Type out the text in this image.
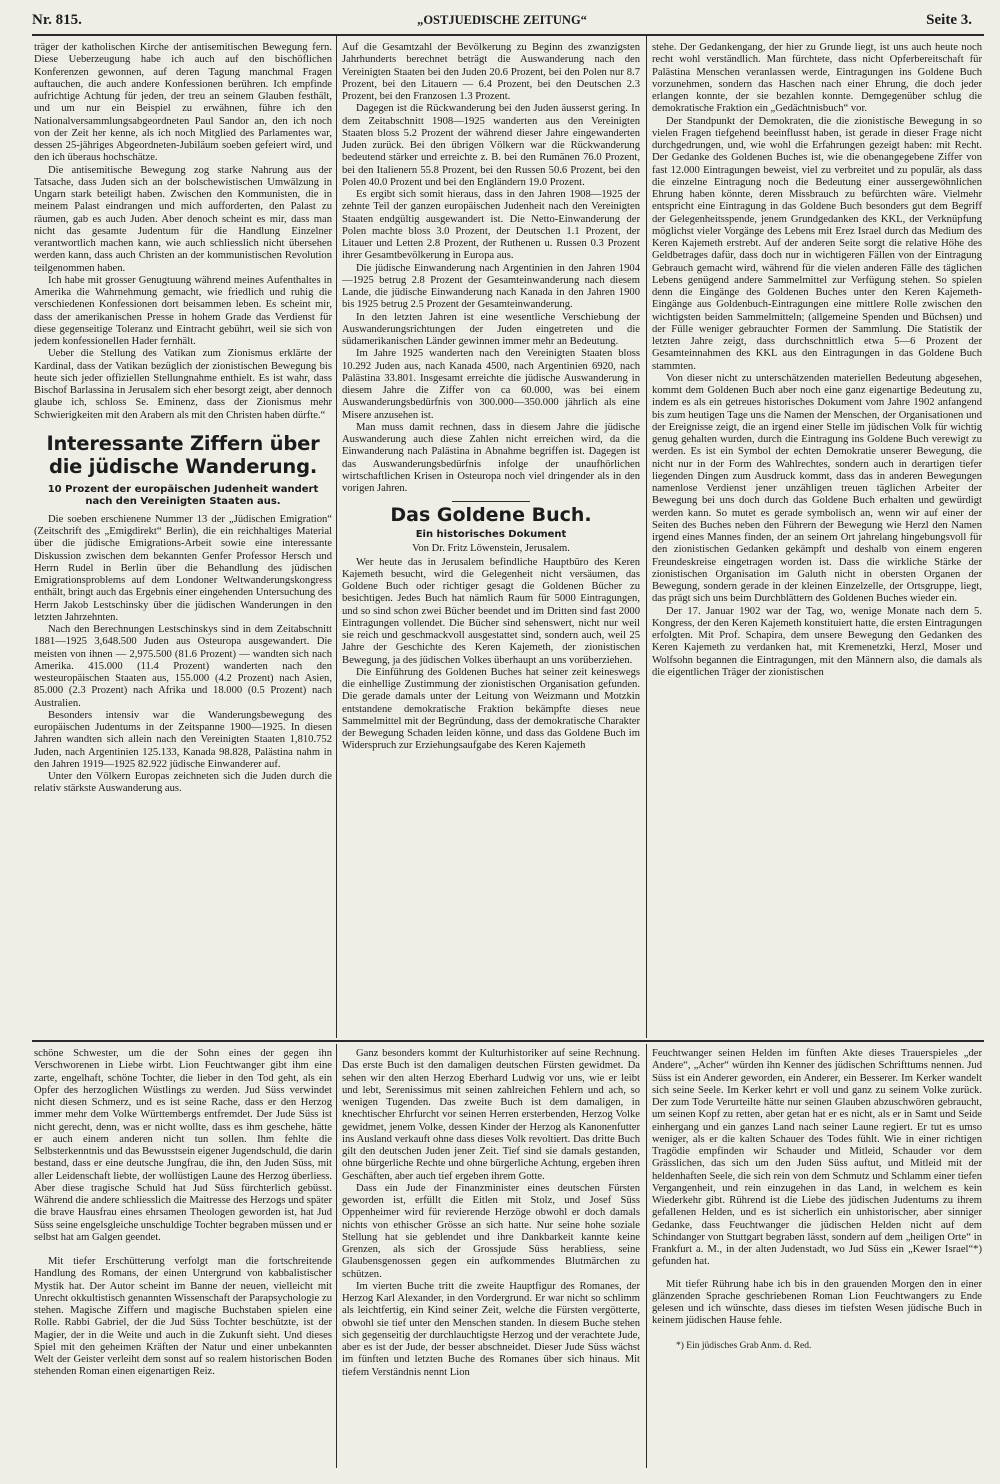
Nr. 815.	„OSTJUEDISCHE ZEITUNG“	Seite 3.

träger der katholischen Kirche der antisemitischen Bewegung fern. Diese Ueberzeugung habe ich auch auf den bischöflichen Konferenzen gewonnen, auf deren Tagung manchmal Fragen auftauchen, die auch andere Konfessionen berühren. Ich empfinde aufrichtige Achtung für jeden, der treu an seinem Glauben festhält, und um nur ein Beispiel zu erwähnen, führe ich den Nationalversammlungsabgeordneten Paul Sandor an, den ich noch von der Zeit her kenne, als ich noch Mitglied des Parlamentes war, dessen 25-jähriges Abgeordneten-Jubiläum soeben gefeiert wird, und den ich überaus hochschätze.

Die antisemitische Bewegung zog starke Nahrung aus der Tatsache, dass Juden sich an der bolschewistischen Umwälzung in Ungarn stark beteiligt haben. Zwischen den Kommunisten, die in meinem Palast eindrangen und mich aufforderten, den Palast zu räumen, gab es auch Juden. Aber denoch scheint es mir, dass man nicht das gesamte Judentum für die Handlung Einzelner verantwortlich machen kann, wie auch schliesslich nicht übersehen werden kann, dass auch Christen an der kommunistischen Revolution teilgenommen haben.

Ich habe mit grosser Genugtuung während meines Aufenthaltes in Amerika die Wahrnehmung gemacht, wie friedlich und ruhig die verschiedenen Konfessionen dort beisammen leben. Es scheint mir, dass der amerikanischen Presse in hohem Grade das Verdienst für diese gegenseitige Toleranz und Eintracht gebührt, weil sie sich von jedem konfessionellen Hader fernhält.

Ueber die Stellung des Vatikan zum Zionismus erklärte der Kardinal, dass der Vatikan bezüglich der zionistischen Bewegung bis heute sich jeder offiziellen Stellungnahme enthielt. Es ist wahr, dass Bischof Barlassina in Jerusalem sich eher besorgt zeigt, aber dennoch glaube ich, schloss Se. Eminenz, dass der Zionismus mehr Schwierigkeiten mit den Arabern als mit den Christen haben dürfte.“

Interessante Ziffern über die jüdische Wanderung.
10 Prozent der europäischen Judenheit wandert nach den Vereinigten Staaten aus.

Die soeben erschienene Nummer 13 der „Jüdischen Emigration“ (Zeitschrift des „Emigdirekt“ Berlin), die ein reichhaltiges Material über die jüdische Emigrations-Arbeit sowie eine interessante Diskussion zwischen dem bekannten Genfer Professor Hersch und Herrn Rudel in Berlin über die Behandlung des jüdischen Emigrationsproblems auf dem Londoner Weltwanderungskongress enthält, bringt auch das Ergebnis einer eingehenden Untersuchung des Herrn Jakob Lestschinsky über die jüdischen Wanderungen in den letzten Jahrzehnten.

Nach den Berechnungen Lestschinskys sind in dem Zeitabschnitt 1881—1925 3,648.500 Juden aus Osteuropa ausgewandert. Die meisten von ihnen — 2,975.500 (81.6 Prozent) — wandten sich nach Amerika. 415.000 (11.4 Prozent) wanderten nach den westeuropäischen Staaten aus, 155.000 (4.2 Prozent) nach Asien, 85.000 (2.3 Prozent) nach Afrika und 18.000 (0.5 Prozent) nach Australien.

Besonders intensiv war die Wanderungsbewegung des europäischen Judentums in der Zeitspanne 1900—1925. In diesen Jahren wandten sich allein nach den Vereinigten Staaten 1,810.752 Juden, nach Argentinien 125.133, Kanada 98.828, Palästina nahm in den Jahren 1919—1925 82.922 jüdische Einwanderer auf.

Unter den Völkern Europas zeichneten sich die Juden durch die relativ stärkste Auswanderung aus.

Auf die Gesamtzahl der Bevölkerung zu Beginn des zwanzigsten Jahrhunderts berechnet beträgt die Auswanderung nach den Vereinigten Staaten bei den Juden 20.6 Prozent, bei den Polen nur 8.7 Prozent, bei den Litauern — 6.4 Prozent, bei den Deutschen 2.3 Prozent, bei den Franzosen 1.3 Prozent.

Dagegen ist die Rückwanderung bei den Juden äusserst gering. In dem Zeitabschnitt 1908—1925 wanderten aus den Vereinigten Staaten bloss 5.2 Prozent der während dieser Jahre eingewanderten Juden zurück. Bei den übrigen Völkern war die Rückwanderung bedeutend stärker und erreichte z. B. bei den Rumänen 76.0 Prozent, bei den Italienern 55.8 Prozent, bei den Russen 50.6 Prozent, bei den Polen 40.0 Prozent und bei den Engländern 19.0 Prozent.

Es ergibt sich somit hieraus, dass in den Jahren 1908—1925 der zehnte Teil der ganzen europäischen Judenheit nach den Vereinigten Staaten endgültig ausgewandert ist. Die Netto-Einwanderung der Polen machte bloss 3.0 Prozent, der Deutschen 1.1 Prozent, der Litauer und Letten 2.8 Prozent, der Ruthenen u. Russen 0.3 Prozent ihrer Gesamtbevölkerung in Europa aus.

Die jüdische Einwanderung nach Argentinien in den Jahren 1904—1925 betrug 2.8 Prozent der Gesamteinwanderung nach diesem Lande, die jüdische Einwanderung nach Kanada in den Jahren 1900 bis 1925 betrug 2.5 Prozent der Gesamteinwanderung.

In den letzten Jahren ist eine wesentliche Verschiebung der Auswanderungsrichtungen der Juden eingetreten und die südamerikanischen Länder gewinnen immer mehr an Bedeutung.

Im Jahre 1925 wanderten nach den Vereinigten Staaten bloss 10.292 Juden aus, nach Kanada 4500, nach Argentinien 6920, nach Palästina 33.801. Insgesamt erreichte die jüdische Auswanderung in diesem Jahre die Ziffer von ca 60.000, was bei einem Auswanderungsbedürfnis von 300.000—350.000 jährlich als eine Misere anzusehen ist.

Man muss damit rechnen, dass in diesem Jahre die jüdische Auswanderung auch diese Zahlen nicht erreichen wird, da die Einwanderung nach Palästina in Abnahme begriffen ist. Dagegen ist das Auswanderungsbedürfnis infolge der unaufhörlichen wirtschaftlichen Krisen in Osteuropa noch viel dringender als in den vorigen Jahren.

Das Goldene Buch.
Ein historisches Dokument
Von Dr. Fritz Löwenstein, Jerusalem.

Wer heute das in Jerusalem befindliche Hauptbüro des Keren Kajemeth besucht, wird die Gelegenheit nicht versäumen, das Goldene Buch oder richtiger gesagt die Goldenen Bücher zu besichtigen. Jedes Buch hat nämlich Raum für 5000 Eintragungen, und so sind schon zwei Bücher beendet und im Dritten sind fast 2000 Eintragungen vollendet. Die Bücher sind sehenswert, nicht nur weil sie reich und geschmackvoll ausgestattet sind, sondern auch, weil 25 Jahre der Geschichte des Keren Kajemeth, der zionistischen Bewegung, ja des jüdischen Volkes überhaupt an uns vorüberziehen.

Die Einführung des Goldenen Buches hat seiner zeit keineswegs die einhellige Zustimmung der zionistischen Organisation gefunden. Die gerade damals unter der Leitung von Weizmann und Motzkin entstandene demokratische Fraktion bekämpfte dieses neue Sammelmittel mit der Begründung, dass der demokratische Charakter der Bewegung Schaden leiden könne, und dass das Goldene Buch im Widerspruch zur Erziehungsaufgabe des Keren Kajemeth

stehe. Der Gedankengang, der hier zu Grunde liegt, ist uns auch heute noch recht wohl verständlich. Man fürchtete, dass nicht Opferbereitschaft für Palästina Menschen veranlassen werde, Eintragungen ins Goldene Buch vorzunehmen, sondern das Haschen nach einer Ehrung, die doch jeder erlangen konnte, der sie bezahlen konnte. Demgegenüber schlug die demokratische Fraktion ein „Gedächtnisbuch“ vor.

Der Standpunkt der Demokraten, die die zionistische Bewegung in so vielen Fragen tiefgehend beeinflusst haben, ist gerade in dieser Frage nicht durchgedrungen, und, wie wohl die Erfahrungen gezeigt haben: mit Recht. Der Gedanke des Goldenen Buches ist, wie die obenangegebene Ziffer von fast 12.000 Eintragungen beweist, viel zu verbreitet und zu populär, als dass die einzelne Eintragung noch die Bedeutung einer aussergewöhnlichen Ehrung haben könnte, deren Missbrauch zu befürchten wäre. Vielmehr entspricht eine Eintragung in das Goldene Buch besonders gut dem Begriff der Gelegenheitsspende, jenem Grundgedanken des KKL, der Verknüpfung möglichst vieler Vorgänge des Lebens mit Erez Israel durch das Medium des Keren Kajemeth erstrebt. Auf der anderen Seite sorgt die relative Höhe des Geldbetrages dafür, dass doch nur in wichtigeren Fällen von der Eintragung Gebrauch gemacht wird, während für die vielen anderen Fälle des täglichen Lebens genügend andere Sammelmittel zur Verfügung stehen. So spielen denn die Eingänge des Goldenen Buches unter den Keren Kajemeth-Eingänge aus Goldenbuch-Eintragungen eine mittlere Rolle zwischen den wichtigsten beiden Sammelmitteln; (allgemeine Spenden und Büchsen) und der Fülle weniger gebrauchter Formen der Sammlung. Die Statistik der letzten Jahre zeigt, dass durchschnittlich etwa 5—6 Prozent der Gesamteinnahmen des KKL aus den Eintragungen in das Goldene Buch stammten.

Von dieser nicht zu unterschätzenden materiellen Bedeutung abgesehen, kommt dem Goldenen Buch aber noch eine ganz eigenartige Bedeutung zu, indem es als ein getreues historisches Dokument vom Jahre 1902 anfangend bis zum heutigen Tage uns die Namen der Menschen, der Organisationen und der Ereignisse zeigt, die an irgend einer Stelle im jüdischen Volk für wichtig genug gehalten wurden, durch die Eintragung ins Goldene Buch verewigt zu werden. Es ist ein Symbol der echten Demokratie unserer Bewegung, die nicht nur in der Form des Wahlrechtes, sondern auch in derartigen tiefer liegenden Dingen zum Ausdruck kommt, dass das in anderen Bewegungen namenlose Verdienst jener unzähligen treuen täglichen Arbeiter der Bewegung bei uns doch durch das Goldene Buch erhalten und gewürdigt werden kann. So mutet es gerade symbolisch an, wenn wir auf einer der Seiten des Buches neben den Führern der Bewegung wie Herzl den Namen irgend eines Mannes finden, der an seinem Ort jahrelang hingebungsvoll für den zionistischen Gedanken gekämpft und deshalb von einem engeren Freundeskreise eingetragen worden ist. Dass die wirkliche Stärke der zionistischen Organisation im Galuth nicht in obersten Organen der Bewegung, sondern gerade in der kleinen Einzelzelle, der Ortsgruppe, liegt, das prägt sich uns beim Durchblättern des Goldenen Buches wieder ein.

Der 17. Januar 1902 war der Tag, wo, wenige Monate nach dem 5. Kongress, der den Keren Kajemeth konstituiert hatte, die ersten Eintragungen erfolgten. Mit Prof. Schapira, dem unsere Bewegung den Gedanken des Keren Kajemeth zu verdanken hat, mit Kremenetzki, Herzl, Moser und Wolfsohn begannen die Eintragungen, mit den Männern also, die damals als die eigentlichen Träger der zionistischen

schöne Schwester, um die der Sohn eines der gegen ihn Verschworenen in Liebe wirbt. Lion Feuchtwanger gibt ihm eine zarte, engelhaft, schöne Tochter, die lieber in den Tod geht, als ein Opfer des herzoglichen Wüstlings zu werden. Jud Süss verwindet nicht diesen Schmerz, und es ist seine Rache, dass er den Herzog immer mehr dem Volke Württembergs entfremdet. Der Jude Süss ist nicht gerecht, denn, was er nicht wollte, dass es ihm geschehe, hätte er auch einem anderen nicht tun sollen. Ihm fehlte die Selbsterkenntnis und das Bewusstsein eigener Jugendschuld, die darin bestand, dass er eine deutsche Jungfrau, die ihn, den Juden Süss, mit aller Leidenschaft liebte, der wollüstigen Laune des Herzog überliess. Aber diese tragische Schuld hat Jud Süss fürchterlich gebüsst. Während die andere schliesslich die Maitresse des Herzogs und später die brave Hausfrau eines ehrsamen Theologen geworden ist, hat Jud Süss seine engelsgleiche unschuldige Tochter begraben müssen und er selbst hat am Galgen geendet.

Mit tiefer Erschütterung verfolgt man die fortschreitende Handlung des Romans, der einen Untergrund von kabbalistischer Mystik hat. Der Autor scheint im Banne der neuen, vielleicht mit Unrecht okkultistisch genannten Wissenschaft der Parapsychologie zu stehen. Magische Ziffern und magische Buchstaben spielen eine Rolle. Rabbi Gabriel, der die Jud Süss Tochter beschützte, ist der Magier, der in die Weite und auch in die Zukunft sieht. Und dieses Spiel mit den geheimen Kräften der Natur und einer unbekannten Welt der Geister verleiht dem sonst auf so realem historischen Boden stehenden Roman einen eigenartigen Reiz.

Ganz besonders kommt der Kulturhistoriker auf seine Rechnung. Das erste Buch ist den damaligen deutschen Fürsten gewidmet. Da sehen wir den alten Herzog Eberhard Ludwig vor uns, wie er leibt und lebt, Serenissimus mit seinen zahlreichen Fehlern und ach, so wenigen Tugenden. Das zweite Buch ist dem damaligen, in knechtischer Ehrfurcht vor seinen Herren ersterbenden, Herzog Volke gewidmet, jenem Volke, dessen Kinder der Herzog als Kanonenfutter ins Ausland verkauft ohne dass dieses Volk revoltiert. Das dritte Buch gilt den deutschen Juden jener Zeit. Tief sind sie damals gestanden, ohne bürgerliche Rechte und ohne bürgerliche Achtung, ergeben ihren Geschäften, aber auch tief ergeben ihrem Gotte.

Dass ein Jude der Finanzminister eines deutschen Fürsten geworden ist, erfüllt die Eitlen mit Stolz, und Josef Süss Oppenheimer wird für revierende Herzöge obwohl er doch damals nichts von ethischer Grösse an sich hatte. Nur seine hohe soziale Stellung hat sie geblendet und ihre Dankbarkeit kannte keine Grenzen, als sich der Grossjude Süss herabliess, seine Glaubensgenossen gegen ein aufkommendes Blutmärchen zu schützen.

Im vierten Buche tritt die zweite Hauptfigur des Romanes, der Herzog Karl Alexander, in den Vordergrund. Er war nicht so schlimm als leichtfertig, ein Kind seiner Zeit, welche die Fürsten vergötterte, obwohl sie tief unter den Menschen standen. In diesem Buche stehen sich gegenseitig der durchlauchtigste Herzog und der verachtete Jude, aber es ist der Jude, der besser abschneidet. Dieser Jude Süss wächst im fünften und letzten Buche des Romanes über sich hinaus. Mit tiefem Verständnis nennt Lion

Feuchtwanger seinen Helden im fünften Akte dieses Trauerspieles „der Andere“, „Acher“ würden ihn Kenner des jüdischen Schrifttums nennen. Jud Süss ist ein Anderer geworden, ein Anderer, ein Besserer. Im Kerker wandelt sich seine Seele. Im Kerker kehrt er voll und ganz zu seinem Volke zurück. Der zum Tode Verurteilte hätte nur seinen Glauben abzuschwören gebraucht, um seinen Kopf zu retten, aber getan hat er es nicht, als er in Samt und Seide einhergang und ein ganzes Land nach seiner Laune regiert. Er tut es umso weniger, als er die kalten Schauer des Todes fühlt. Wie in einer richtigen Tragödie empfinden wir Schauder und Mitleid, Schauder vor dem Grässlichen, das sich um den Juden Süss auftut, und Mitleid mit der heldenhaften Seele, die sich rein von dem Schmutz und Schlamm einer tiefen Vergangenheit, und rein einzugehen in das Land, in welchem es kein Wiederkehr gibt. Rührend ist die Liebe des jüdischen Judentums zu ihrem gefallenen Helden, und es ist sicherlich ein unhistorischer, aber sinniger Gedanke, dass Feuchtwanger die jüdischen Helden nicht auf dem Schindanger von Stuttgart begraben lässt, sondern auf dem „heiligen Orte“ in Frankfurt a. M., in der alten Judenstadt, wo Jud Süss ein „Kewer Israel“*) gefunden hat.

Mit tiefer Rührung habe ich bis in den grauenden Morgen den in einer glänzenden Sprache geschriebenen Roman Lion Feuchtwangers zu Ende gelesen und ich wünschte, dass dieses im tiefsten Wesen jüdische Buch in keinem jüdischen Hause fehle.

*) Ein jüdisches Grab Anm. d. Red.
